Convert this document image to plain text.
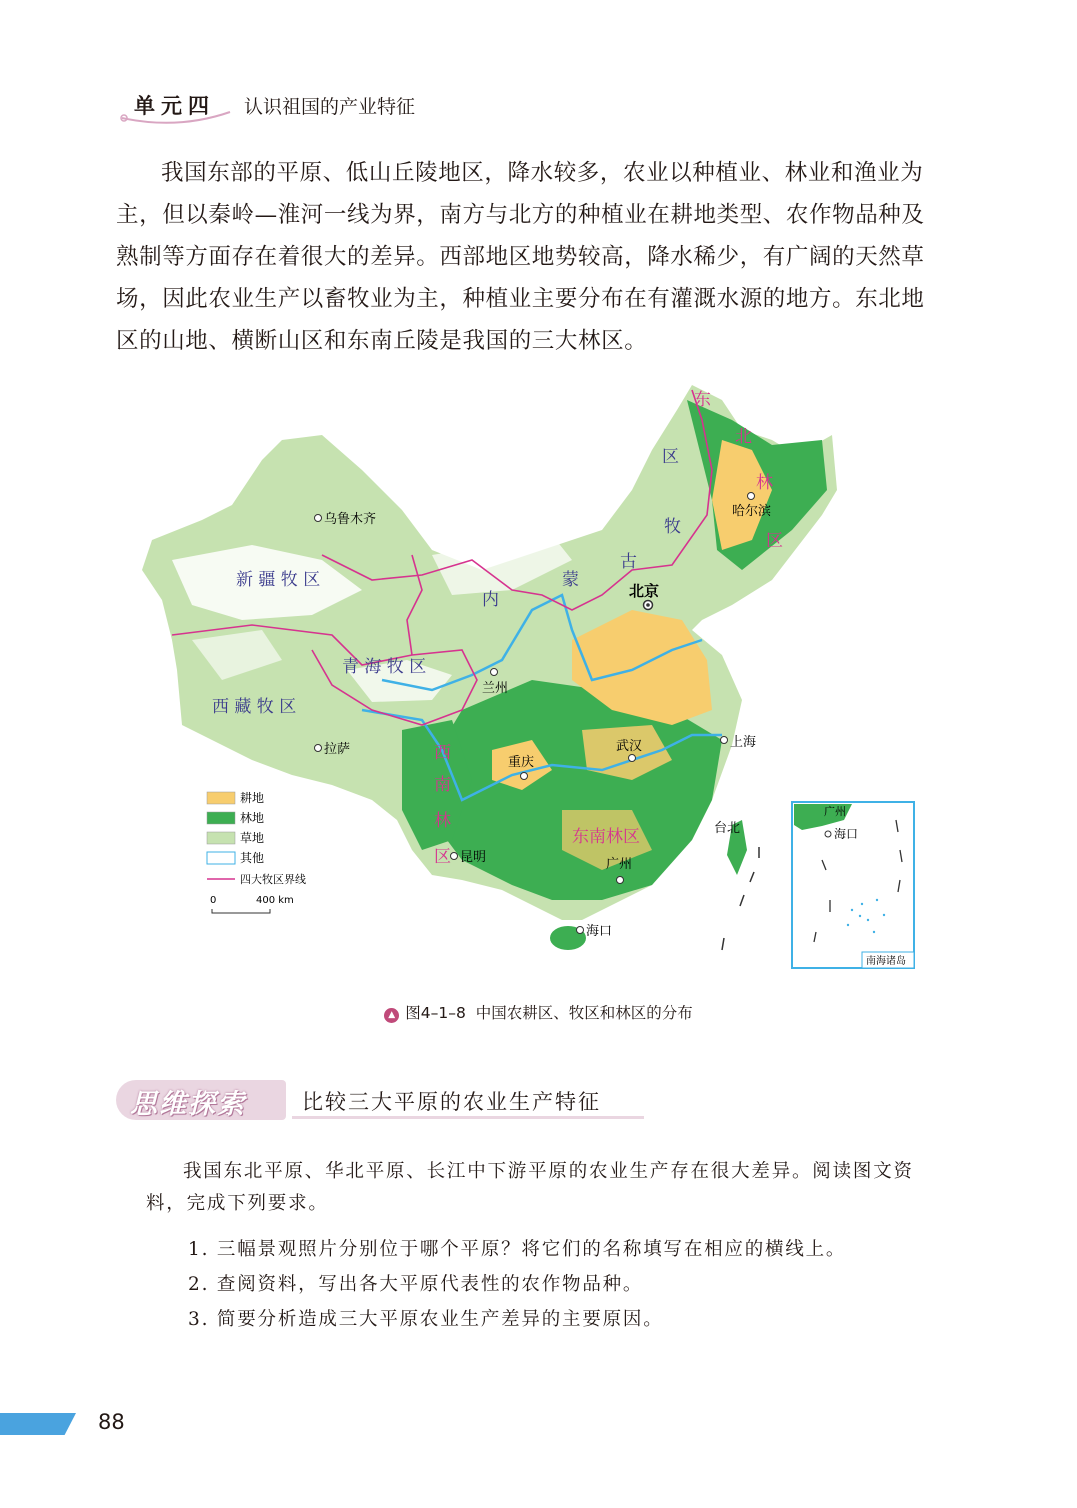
单元四 认识祖国的产业特征

我国东部的平原、低山丘陵地区，降水较多，农业以种植业、林业和渔业为主，但以秦岭—淮河一线为界，南方与北方的种植业在耕地类型、农作物品种及熟制等方面存在着很大的差异。西部地区地势较高，降水稀少，有广阔的天然草场，因此农业生产以畜牧业为主，种植业主要分布在有灌溉水源的地方。东北地区的山地、横断山区和东南丘陵是我国的三大林区。

新 疆 牧 区
青 海 牧 区
西 藏 牧 区
内
蒙
古
牧
区
东
北
林
区
西
南
林
区
东南林区
乌鲁木齐
哈尔滨
北京
兰州
拉萨
重庆
武汉	上海
昆明	广州
台北
海口
耕地
林地
草地
其他
四大牧区界线
0	400 km
广州
海口
南海诸岛
▲ 图4–1–8 中国农耕区、牧区和林区的分布
思维探索	比较三大平原的农业生产特征

我国东北平原、华北平原、长江中下游平原的农业生产存在很大差异。阅读图文资料，完成下列要求。

1. 三幅景观照片分别位于哪个平原？将它们的名称填写在相应的横线上。
2. 查阅资料，写出各大平原代表性的农作物品种。
3. 简要分析造成三大平原农业生产差异的主要原因。
88
